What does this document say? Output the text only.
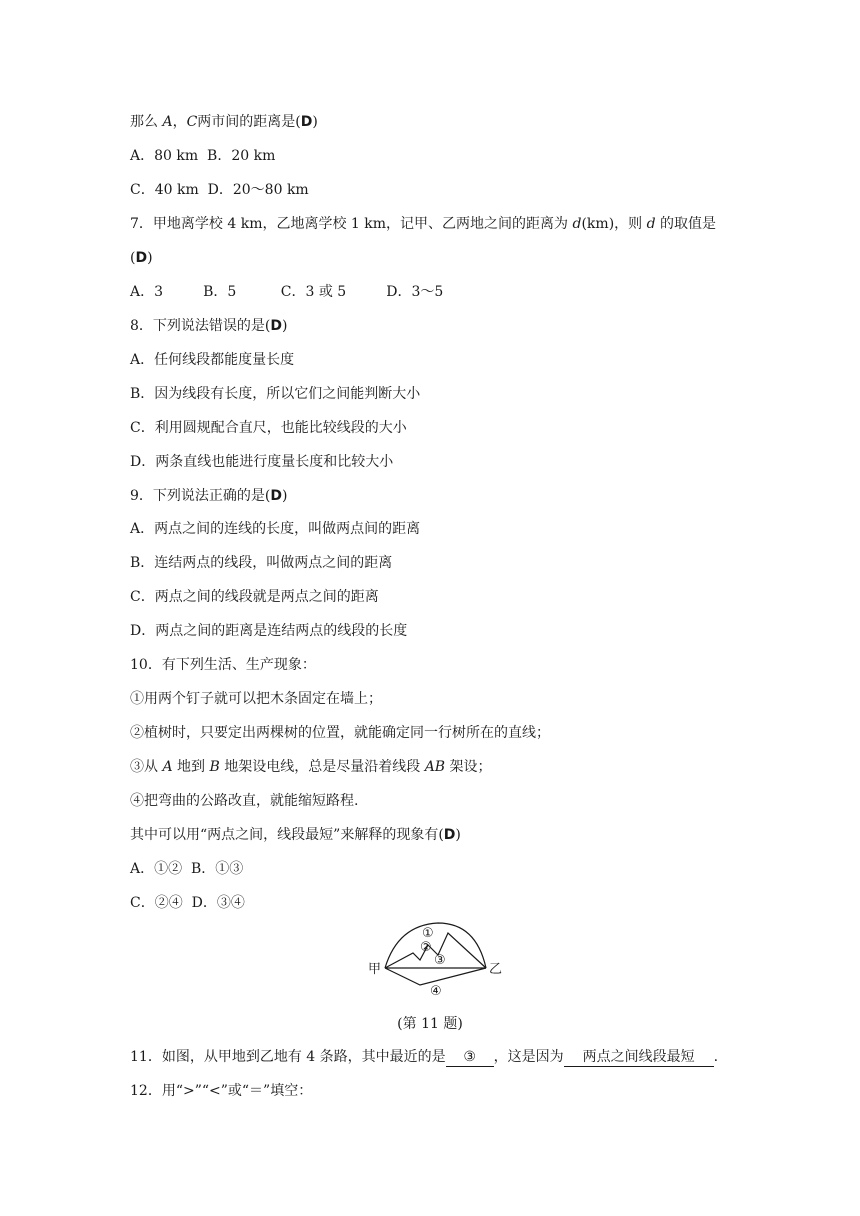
那么 A，C两市间的距离是(D)
A．80 km  B．20 km
C．40 km  D．20～80 km
7．甲地离学校 4 km，乙地离学校 1 km，记甲、乙两地之间的距离为 d(km)，则 d 的取值是
(D)
A．3         B．5          C．3 或 5         D．3～5
8．下列说法错误的是(D)
A．任何线段都能度量长度
B．因为线段有长度，所以它们之间能判断大小
C．利用圆规配合直尺，也能比较线段的大小
D．两条直线也能进行度量长度和比较大小
9．下列说法正确的是(D)
A．两点之间的连线的长度，叫做两点间的距离
B．连结两点的线段，叫做两点之间的距离
C．两点之间的线段就是两点之间的距离
D．两点之间的距离是连结两点的线段的长度
10．有下列生活、生产现象：
①用两个钉子就可以把木条固定在墙上；
②植树时，只要定出两棵树的位置，就能确定同一行树所在的直线；
③从 A 地到 B 地架设电线，总是尽量沿着线段 AB 架设；
④把弯曲的公路改直，就能缩短路程.
其中可以用“两点之间，线段最短”来解释的现象有(D)
A．①②  B．①③
C．②④  D．③④
甲	乙
①
②
③
④
(第 11 题)
11．如图，从甲地到乙地有 4 条路，其中最近的是 ③ ，这是因为 两点之间线段最短 .
12．用“>”“<”或“＝”填空：
